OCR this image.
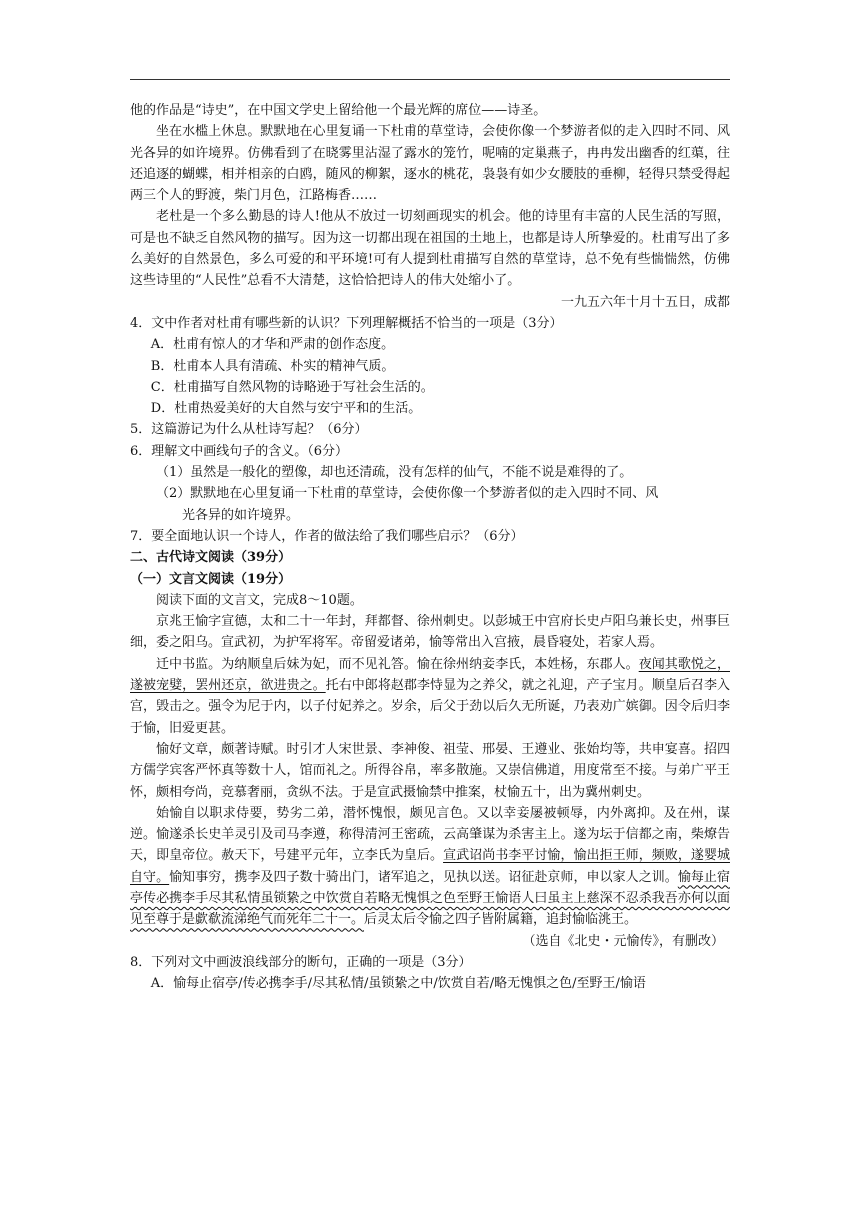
他的作品是“诗史”，在中国文学史上留给他一个最光辉的席位——诗圣。

坐在水槛上休息。默默地在心里复诵一下杜甫的草堂诗，会使你像一个梦游者似的走入四时不同、风光各异的如许境界。仿佛看到了在晓雾里沾湿了露水的笼竹，呢喃的定巢燕子，冉冉发出幽香的红蕖，往还追逐的蝴蝶，相并相亲的白鸥，随风的柳絮，逐水的桃花，袅袅有如少女腰肢的垂柳，轻得只禁受得起两三个人的野渡，柴门月色，江路梅香……

老杜是一个多么勤恳的诗人!他从不放过一切刻画现实的机会。他的诗里有丰富的人民生活的写照，可是也不缺乏自然风物的描写。因为这一切都出现在祖国的土地上，也都是诗人所挚爱的。杜甫写出了多么美好的自然景色，多么可爱的和平环境!可有人提到杜甫描写自然的草堂诗，总不免有些惴惴然，仿佛这些诗里的“人民性”总看不大清楚，这恰恰把诗人的伟大处缩小了。

一九五六年十月十五日，成都

4．文中作者对杜甫有哪些新的认识？下列理解概括不恰当的一项是（3分）

A．杜甫有惊人的才华和严肃的创作态度。

B．杜甫本人具有清疏、朴实的精神气质。

C．杜甫描写自然风物的诗略逊于写社会生活的。

D．杜甫热爱美好的大自然与安宁平和的生活。

5．这篇游记为什么从杜诗写起？（6分）

6．理解文中画线句子的含义。（6分）

（1）虽然是一般化的塑像，却也还清疏，没有怎样的仙气，不能不说是难得的了。

（2）默默地在心里复诵一下杜甫的草堂诗，会使你像一个梦游者似的走入四时不同、风

光各异的如许境界。

7．要全面地认识一个诗人，作者的做法给了我们哪些启示？（6分）

二、古代诗文阅读（39分）

（一）文言文阅读（19分）

阅读下面的文言文，完成8～10题。

京兆王愉字宣德，太和二十一年封，拜都督、徐州刺史。以彭城王中宫府长史卢阳乌兼长史，州事巨细，委之阳乌。宣武初，为护军将军。帝留爱诸弟，愉等常出入宫掖，晨昏寝处，若家人焉。

迁中书监。为纳顺皇后妹为妃，而不见礼答。愉在徐州纳妾李氏，本姓杨，东郡人。夜闻其歌悦之，遂被宠嬖，罢州还京，欲进贵之。托右中郎将赵郡李恃显为之养父，就之礼迎，产子宝月。顺皇后召李入宫，毁击之。强令为尼于内，以子付妃养之。岁余，后父于劲以后久无所诞，乃表劝广嫔御。因令后归李于愉，旧爱更甚。

愉好文章，颇著诗赋。时引才人宋世景、李神俊、祖莹、邢晏、王遵业、张始均等，共申宴喜。招四方儒学宾客严怀真等数十人，馆而礼之。所得谷帛，率多散施。又崇信佛道，用度常至不接。与弟广平王怀，颇相夸尚，竞慕奢丽，贪纵不法。于是宣武摄愉禁中推案，杖愉五十，出为冀州刺史。

始愉自以职求侍要，势劣二弟，潜怀愧恨，颇见言色。又以幸妾屡被顿辱，内外离抑。及在州，谋逆。愉遂杀长史羊灵引及司马李遵，称得清河王密疏，云高肇谋为杀害主上。遂为坛于信都之南，柴燎告天，即皇帝位。赦天下，号建平元年，立李氏为皇后。宣武诏尚书李平讨愉，愉出拒王师，频败，遂婴城自守。愉知事穷，携李及四子数十骑出门，诸军追之，见执以送。诏征赴京师，申以家人之训。愉每止宿亭传必携李手尽其私情虽锁絷之中饮赏自若略无愧惧之色至野王愉语人曰虽主上慈深不忍杀我吾亦何以面见至尊于是歔欷流涕绝气而死年二十一。后灵太后令愉之四子皆附属籍，追封愉临洮王。

（选自《北史・元愉传》，有删改）

8．下列对文中画波浪线部分的断句，正确的一项是（3分）

A．愉每止宿亭/传必携李手/尽其私情/虽锁絷之中/饮赏自若/略无愧惧之色/至野王/愉语
